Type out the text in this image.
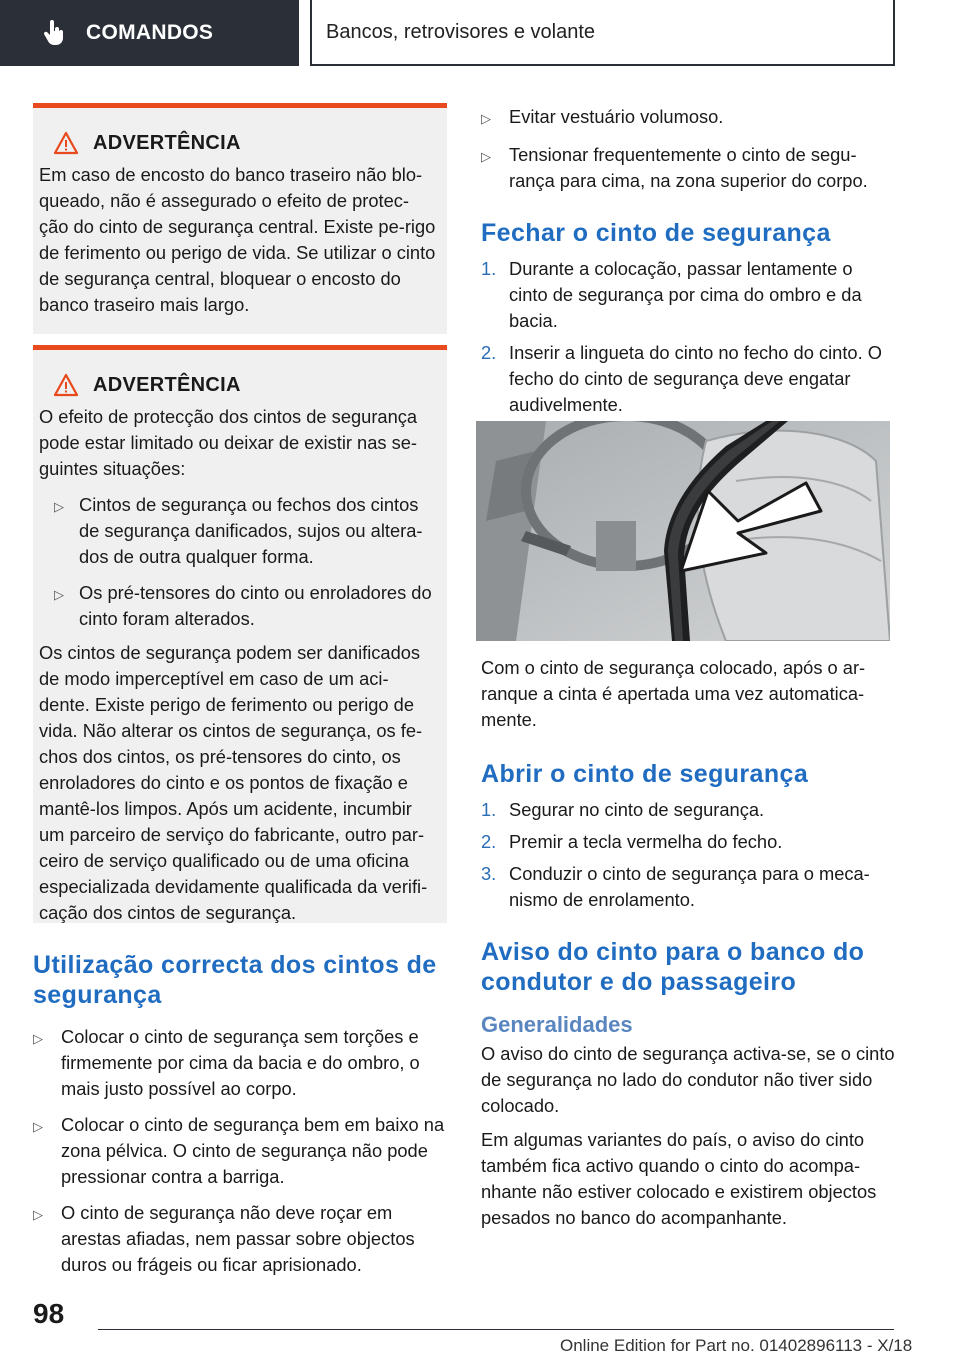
COMANDOS	Bancos, retrovisores e volante
ADVERTÊNCIA

Em caso de encosto do banco traseiro não blo-queado, não é assegurado o efeito de protec-ção do cinto de segurança central. Existe pe-rigo de ferimento ou perigo de vida. Se utilizar o cinto de segurança central, bloquear o encosto do banco traseiro mais largo.

ADVERTÊNCIA

O efeito de protecção dos cintos de segurança pode estar limitado ou deixar de existir nas se-guintes situações:

▷ Cintos de segurança ou fechos dos cintos de segurança danificados, sujos ou altera-dos de outra qualquer forma.
▷ Os pré-tensores do cinto ou enroladores do cinto foram alterados.

Os cintos de segurança podem ser danificados de modo imperceptível em caso de um aci-dente. Existe perigo de ferimento ou perigo de vida. Não alterar os cintos de segurança, os fe-chos dos cintos, os pré-tensores do cinto, os enroladores do cinto e os pontos de fixação e mantê-los limpos. Após um acidente, incumbir um parceiro de serviço do fabricante, outro par-ceiro de serviço qualificado ou de uma oficina especializada devidamente qualificada da verifi-cação dos cintos de segurança.

Utilização correcta dos cintos de segurança
▷ Colocar o cinto de segurança sem torções e firmemente por cima da bacia e do ombro, o mais justo possível ao corpo.
▷ Colocar o cinto de segurança bem em baixo na zona pélvica. O cinto de segurança não pode pressionar contra a barriga.
▷ O cinto de segurança não deve roçar em arestas afiadas, nem passar sobre objectos duros ou frágeis ou ficar aprisionado.
▷ Evitar vestuário volumoso.
▷ Tensionar frequentemente o cinto de segu-rança para cima, na zona superior do corpo.
Fechar o cinto de segurança
1. Durante a colocação, passar lentamente o cinto de segurança por cima do ombro e da bacia.
2. Inserir a lingueta do cinto no fecho do cinto. O fecho do cinto de segurança deve engatar audivelmente.

Com o cinto de segurança colocado, após o ar-ranque a cinta é apertada uma vez automatica-mente.

Abrir o cinto de segurança
1. Segurar no cinto de segurança.
2. Premir a tecla vermelha do fecho.
3. Conduzir o cinto de segurança para o meca-nismo de enrolamento.
Aviso do cinto para o banco do condutor e do passageiro
Generalidades

O aviso do cinto de segurança activa-se, se o cinto de segurança no lado do condutor não tiver sido colocado.

Em algumas variantes do país, o aviso do cinto também fica activo quando o cinto do acompa-nhante não estiver colocado e existirem objectos pesados no banco do acompanhante.

98
Online Edition for Part no. 01402896113 - X/18
